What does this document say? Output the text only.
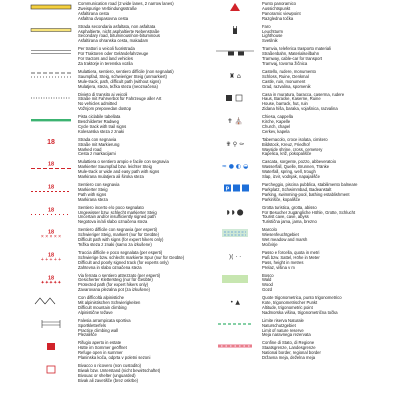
Communication road (2 wide lanes, 2 narrow lanes)
Zweispurige Verbindungsstraße
Asfaltirana cesta
Asfaltna dvopasovna cesta
Strada secondaria asfaltata, non asfaltata
Asphaltierte, nicht asphaltierte Nebenstraße
Secondary road, bituminous/non-bituminous
Asfaltirana ohranska cesta, makadam
Per trattori o veicoli fuoristrada
Für Traktoren oder Geländefahrzeuge
For tractors and land vehicles
Za traktorje in terenska vozila
Mulattiera, sentiero, sentiero difficile (non segnalati)
Saumpfad, Steig, schwieriger Steig (unmarkiert)
Mule-track, path, difficult path (without signs)
Mulatjera, steza, težka steza (neoznačena)
Divieto di transito ai veicoli
Straße mit Fahrverbot für Fahrzeuge aller Art
No vehicles admitted
Vožnjom prepovedan dostop
Pista ciclabile tabellata
Beschilderter Radweg
Cycle track with trail signs
Kolesarska steza z znaki
18	Strada con segnavia
Straße mit Markierung
Marked road
Cesta z markacijami
18	Mulattiera o sentiero ampio e facile con segnavia
Markierter Saumpfad bzw. leichter Steig
Mule-track or wide and easy path with signs
Markirana mulatjera ali široka steza
18	Sentiero con segnavia
Markierter Steig
Path with signs
Markirana steza
18	Sentiero incerto e/o poco segnalato
Ungewisser bzw. schlecht markierter Steig
Uncertain and/or insufficiently signed path
Negotova in/ali slabo označena steza
18
× × × × ×
Sentiero difficile con segnavia (per esperti)
Schwieriger Steig, markiert (nur für Geübte)
Difficult path with signs (for expert hikers only)
Težka steza z znaki (samo za izkušene)
18
+ + + + +
Traccia difficile e poco segnalata (per esperti)
Schwierige bzw. schlecht markierte Spur (nur für Geübte)
Difficult and poorly signed track (for experts only)
Zahtevna in slabo označena steza
18
✦✦✦✦✦
Via ferrata o sentiero attrezzato (per esperti)
Gesicherter Klettersteig (nur für Geübte)
Protected path (for expert hikers only)
Zavarovana plezalna pot (za izkušene)
Con difficoltà alpinistiche
Mit alpinistischen Schwierigkeiten
Difficult mountain climbing
Alpinistične težave
Falesia arrampicata sportiva
Sportkletterfels
Practice climbing wall
Plezališče
Rifugio aperto in estate
Hütte im Sommer geöffnet
Refuge open in summer
Planinska koča, odprta v poletni sezoni
Bivacco o ricovero (non custodito)
Biwak bzw. Unterstand (nicht bewirtschaftet)
Bivouac or shelter (unguarded)
Bivak ali zavetišče (brez oskrbe)
Punto panoramico
Aussichtspunkt
Panoramic viewpoint
Razgledna točka
Faro
Leuchtturm
Lighthouse
Svetilnik
Tramvia, teleferica trasporto materiali
Straßenbahn, Materialseilbahn
Tramway, cable-car for transport
Tramvaj, tovorna žičnica
♜ ⌂
Castello, rudere, monumento
Schloss, Ruine, Denkmal
Castle, ruin, monument
Grad, razvalina, spomenik
Casa in muratura, baracca, caserma, rudere
Haus, Baracke, Kaserne, Ruine
House, barrack, hut, ruin
Zidana hiša, baraka, vojašnica, razvalina
✝ ⛪
Chiesa, cappella
Kirche, Kapelle
Church, chapel
Cerkev, kapela
✟ ⚲ ⚰
Tabernacolo, croce isolata, cimitero
Bildstock, Kreuz, Friedhof
Wayside shrine, cross, cemetery
Kapelica, križ, pokopališče
≈ ● ◐ ◒
Cascata, sorgente, pozzo, abbeveratoio
Wasserfall, Quelle, Brunnen, Tränke
Waterfall, spring, well, trough
Slap, izvir, vodnjak, napajališče
P
Parcheggio, piscina pubblica, stabilimento balneare
Parkplatz, Schwimmbad, Badeanstalt
Parking, swimming-pool, bathing establishment
Parkirišče, kopališče
◗ ◗ ⬤
Grotta turistica, grotta, abisso
Für Besucher zugängliche Höhle, Grotte, Schlucht
Tourist cave, cave, abyss
Turistična jama, jama, brezno
Marcolo
Wiesenfeuchtgebiet
Wet meadow and marsh
Močvirje
)( · ·
Passo e forcella, quota in metri
Paß bzw. Sattel, Höhe in Meter
Pass, height in metres
Prelaz, višina v m
Bosco
Wald
Wood
Gozd
• ▲
Quote trigonometrica, punto trigonometrico
Kote, trigonometrischer Punkt
Altitude, trigonometric point
Nadmorska višina, trigonometrična točka
Limite riserva Naturale
Naturschutzgebiet
Limit of nature reserve
Meja naravnega rezervata
Confine di Stato, di Regione
Staatsgrenze, Landesgrenze
National border, regional border
Državna meja, deželna meja
